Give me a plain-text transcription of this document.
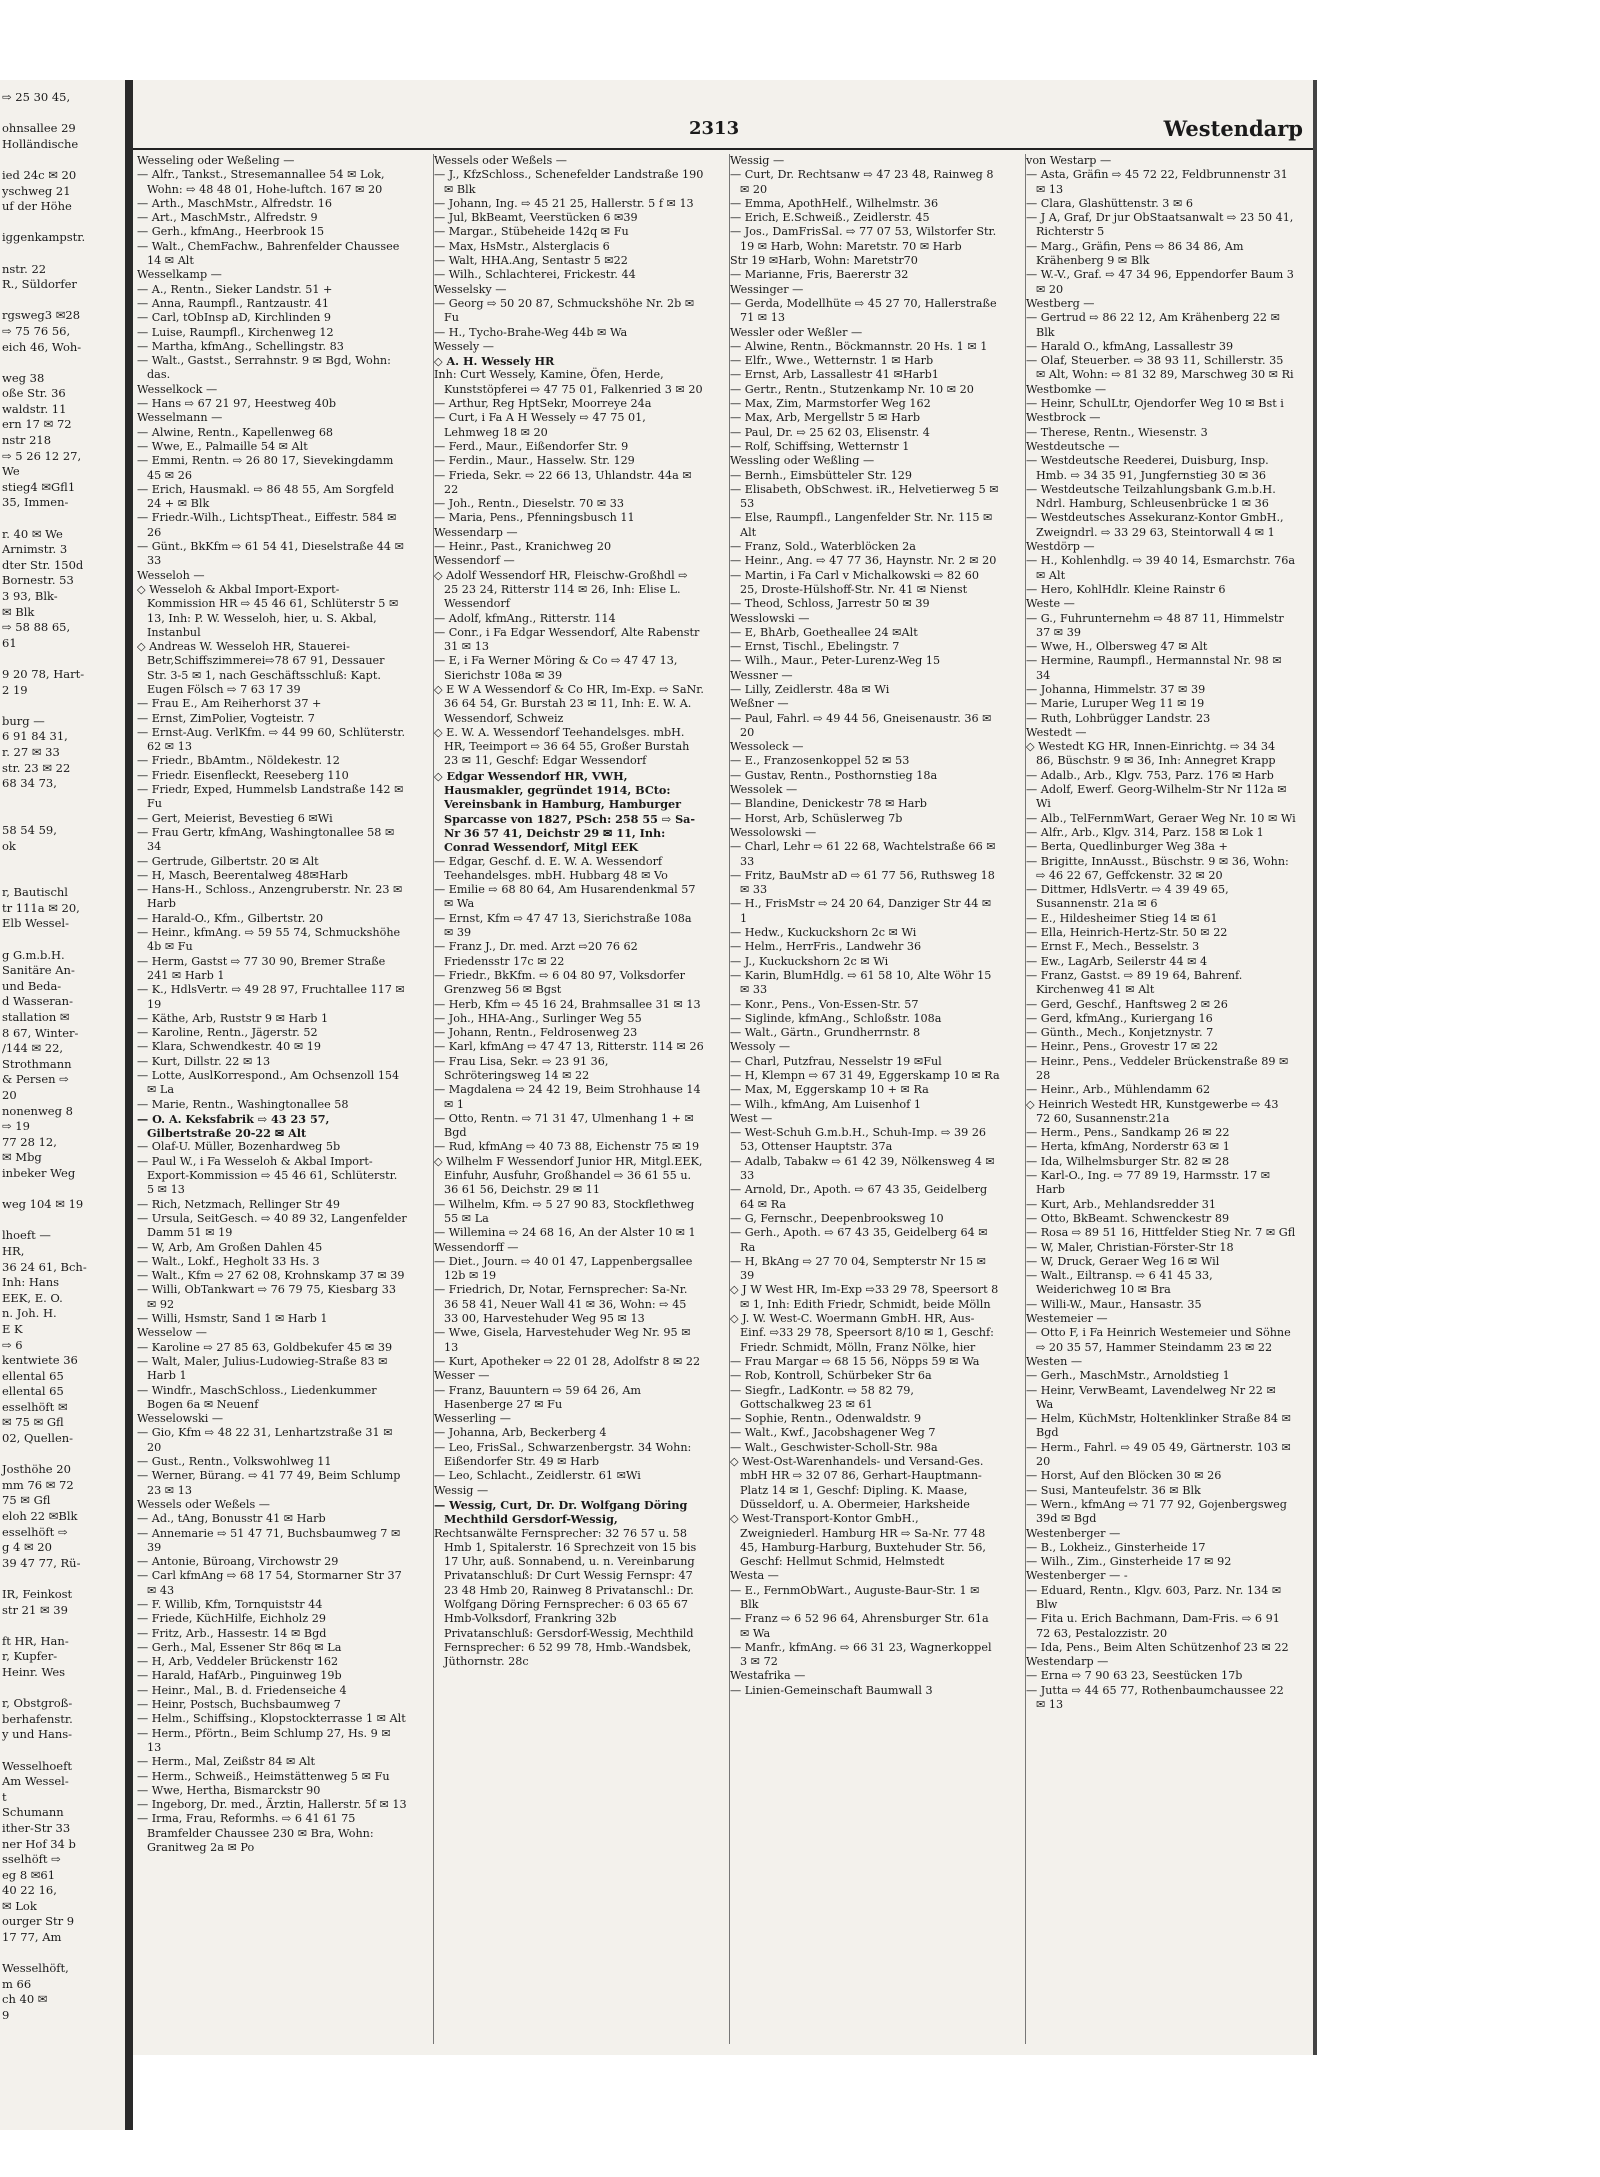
⇨ 25 30 45,

ohnsallee 29
Holländische

ied 24c ✉ 20
yschweg 21
uf der Höhe

iggenkampstr.

nstr. 22
R., Süldorfer

rgsweg3 ✉28
⇨ 75 76 56,
eich 46, Woh-

weg 38
oße Str. 36
waldstr. 11
ern 17 ✉ 72
nstr 218
⇨ 5 26 12 27,
We
stieg4 ✉Gfl1
35, Immen-

r. 40 ✉ We
Arnimstr. 3
dter Str. 150d
Bornestr. 53
3 93, Blk-
✉ Blk
⇨ 58 88 65,
61

9 20 78, Hart-
2 19

burg —
6 91 84 31,
r. 27 ✉ 33
str. 23 ✉ 22
68 34 73,

58 54 59,
ok

r, Bautischl
tr 111a ✉ 20,
Elb Wessel-

g G.m.b.H.
Sanitäre An-
und Beda-
d Wasseran-
stallation ✉
8 67, Winter-
/144 ✉ 22,
Strothmann
& Persen ⇨
20
nonenweg 8
⇨ 19
77 28 12,
✉ Mbg
inbeker Weg

weg 104 ✉ 19

lhoeft —
HR,
36 24 61, Bch-
Inh: Hans
EEK, E. O.
n. Joh. H.
E K
⇨ 6
kentwiete 36
ellental 65
ellental 65
esselhöft ✉
✉ 75 ✉ Gfl
02, Quellen-

Josthöhe 20
mm 76 ✉ 72
75 ✉ Gfl
eloh 22 ✉Blk
esselhöft ⇨
g 4 ✉ 20
39 47 77, Rü-

IR, Feinkost
str 21 ✉ 39

ft HR, Han-
r, Kupfer-
Heinr. Wes

r, Obstgroß-
berhafenstr.
y und Hans-

Wesselhoeft
Am Wessel-
t
Schumann
ither-Str 33
ner Hof 34 b
sselhöft ⇨
eg 8 ✉61
40 22 16,
✉ Lok
ourger Str 9
17 77, Am

Wesselhöft,
m 66
ch 40 ✉
9
2313	Westendarp
Wesseling oder Weßeling —
— Alfr., Tankst., Stresemannallee 54 ✉ Lok, Wohn: ⇨ 48 48 01, Hohe-luftch. 167 ✉ 20
— Arth., MaschMstr., Alfredstr. 16
— Art., MaschMstr., Alfredstr. 9
— Gerh., kfmAng., Heerbrook 15
— Walt., ChemFachw., Bahrenfelder Chaussee 14 ✉ Alt
Wesselkamp —
— A., Rentn., Sieker Landstr. 51 +
— Anna, Raumpfl., Rantzaustr. 41
— Carl, tObInsp aD, Kirchlinden 9
— Luise, Raumpfl., Kirchenweg 12
— Martha, kfmAng., Schellingstr. 83
— Walt., Gastst., Serrahnstr. 9 ✉ Bgd, Wohn: das.
Wesselkock —
— Hans ⇨ 67 21 97, Heestweg 40b
Wesselmann —
— Alwine, Rentn., Kapellenweg 68
— Wwe, E., Palmaille 54 ✉ Alt
— Emmi, Rentn. ⇨ 26 80 17, Sievekingdamm 45 ✉ 26
— Erich, Hausmakl. ⇨ 86 48 55, Am Sorgfeld 24 + ✉ Blk
— Friedr.-Wilh., LichtspTheat., Eiffestr. 584 ✉ 26
— Günt., BkKfm ⇨ 61 54 41, Dieselstraße 44 ✉ 33
Wesseloh —
◇ Wesseloh & Akbal Import-Export-Kommission HR ⇨ 45 46 61, Schlüterstr 5 ✉ 13, Inh: P. W. Wesseloh, hier, u. S. Akbal, Instanbul
◇ Andreas W. Wesseloh HR, Stauerei-Betr,Schiffszimmerei⇨78 67 91, Dessauer Str. 3-5 ✉ 1, nach Geschäftsschluß: Kapt. Eugen Fölsch ⇨ 7 63 17 39
— Frau E., Am Reiherhorst 37 +
— Ernst, ZimPolier, Vogteistr. 7
— Ernst-Aug. VerlKfm. ⇨ 44 99 60, Schlüterstr. 62 ✉ 13
— Friedr., BbAmtm., Nöldekestr. 12
— Friedr. Eisenfleckt, Reeseberg 110
— Friedr, Exped, Hummelsb Landstraße 142 ✉ Fu
— Gert, Meierist, Bevestieg 6 ✉Wi
— Frau Gertr, kfmAng, Washingtonallee 58 ✉ 34
— Gertrude, Gilbertstr. 20 ✉ Alt
— H, Masch, Beerentalweg 48✉Harb
— Hans-H., Schloss., Anzengruberstr. Nr. 23 ✉ Harb
— Harald-O., Kfm., Gilbertstr. 20
— Heinr., kfmAng. ⇨ 59 55 74, Schmuckshöhe 4b ✉ Fu
— Herm, Gastst ⇨ 77 30 90, Bremer Straße 241 ✉ Harb 1
— K., HdlsVertr. ⇨ 49 28 97, Fruchtallee 117 ✉ 19
— Käthe, Arb, Ruststr 9 ✉ Harb 1
— Karoline, Rentn., Jägerstr. 52
— Klara, Schwendkestr. 40 ✉ 19
— Kurt, Dillstr. 22 ✉ 13
— Lotte, AuslKorrespond., Am Ochsenzoll 154 ✉ La
— Marie, Rentn., Washingtonallee 58
— O. A. Keksfabrik ⇨ 43 23 57, Gilbertstraße 20-22 ✉ Alt
— Olaf-U. Müller, Bozenhardweg 5b
— Paul W., i Fa Wesseloh & Akbal Import-Export-Kommission ⇨ 45 46 61, Schlüterstr. 5 ✉ 13
— Rich, Netzmach, Rellinger Str 49
— Ursula, SeitGesch. ⇨ 40 89 32, Langenfelder Damm 51 ✉ 19
— W, Arb, Am Großen Dahlen 45
— Walt., Lokf., Hegholt 33 Hs. 3
— Walt., Kfm ⇨ 27 62 08, Krohnskamp 37 ✉ 39
— Willi, ObTankwart ⇨ 76 79 75, Kiesbarg 33 ✉ 92
— Willi, Hsmstr, Sand 1 ✉ Harb 1
Wesselow —
— Karoline ⇨ 27 85 63, Goldbekufer 45 ✉ 39
— Walt, Maler, Julius-Ludowieg-Straße 83 ✉ Harb 1
— Windfr., MaschSchloss., Liedenkummer Bogen 6a ✉ Neuenf
Wesselowski —
— Gio, Kfm ⇨ 48 22 31, Lenhartzstraße 31 ✉ 20
— Gust., Rentn., Volkswohlweg 11
— Werner, Bürang. ⇨ 41 77 49, Beim Schlump 23 ✉ 13
Wessels oder Weßels —
— Ad., tAng, Bonusstr 41 ✉ Harb
— Annemarie ⇨ 51 47 71, Buchsbaumweg 7 ✉ 39
— Antonie, Büroang, Virchowstr 29
— Carl kfmAng ⇨ 68 17 54, Stormarner Str 37 ✉ 43
— F. Willib, Kfm, Tornquiststr 44
— Friede, KüchHilfe, Eichholz 29
— Fritz, Arb., Hassestr. 14 ✉ Bgd
— Gerh., Mal, Essener Str 86q ✉ La
— H, Arb, Veddeler Brückenstr 162
— Harald, HafArb., Pinguinweg 19b
— Heinr., Mal., B. d. Friedenseiche 4
— Heinr, Postsch, Buchsbaumweg 7
— Helm., Schiffsing., Klopstockterrasse 1 ✉ Alt
— Herm., Pförtn., Beim Schlump 27, Hs. 9 ✉ 13
— Herm., Mal, Zeißstr 84 ✉ Alt
— Herm., Schweiß., Heimstättenweg 5 ✉ Fu
— Wwe, Hertha, Bismarckstr 90
— Ingeborg, Dr. med., Ärztin, Hallerstr. 5f ✉ 13
— Irma, Frau, Reformhs. ⇨ 6 41 61 75 Bramfelder Chaussee 230 ✉ Bra, Wohn: Granitweg 2a ✉ Po
Wessels oder Weßels —
— J., KfzSchloss., Schenefelder Landstraße 190 ✉ Blk
— Johann, Ing. ⇨ 45 21 25, Hallerstr. 5 f ✉ 13
— Jul, BkBeamt, Veerstücken 6 ✉39
— Margar., Stübeheide 142q ✉ Fu
— Max, HsMstr., Alsterglacis 6
— Walt, HHA.Ang, Sentastr 5 ✉22
— Wilh., Schlachterei, Frickestr. 44
Wesselsky —
— Georg ⇨ 50 20 87, Schmuckshöhe Nr. 2b ✉ Fu
— H., Tycho-Brahe-Weg 44b ✉ Wa
Wessely —
◇ A. H. Wessely HR
Inh: Curt Wessely, Kamine, Öfen, Herde, Kunststöpferei ⇨ 47 75 01, Falkenried 3 ✉ 20
— Arthur, Reg HptSekr, Moorreye 24a
— Curt, i Fa A H Wessely ⇨ 47 75 01, Lehmweg 18 ✉ 20
— Ferd., Maur., Eißendorfer Str. 9
— Ferdin., Maur., Hasselw. Str. 129
— Frieda, Sekr. ⇨ 22 66 13, Uhlandstr. 44a ✉ 22
— Joh., Rentn., Dieselstr. 70 ✉ 33
— Maria, Pens., Pfenningsbusch 11
Wessendarp —
— Heinr., Past., Kranichweg 20
Wessendorf —
◇ Adolf Wessendorf HR, Fleischw-Großhdl ⇨ 25 23 24, Ritterstr 114 ✉ 26, Inh: Elise L. Wessendorf
— Adolf, kfmAng., Ritterstr. 114
— Conr., i Fa Edgar Wessendorf, Alte Rabenstr 31 ✉ 13
— E, i Fa Werner Möring & Co ⇨ 47 47 13, Sierichstr 108a ✉ 39
◇ E W A Wessendorf & Co HR, Im-Exp. ⇨ SaNr. 36 64 54, Gr. Burstah 23 ✉ 11, Inh: E. W. A. Wessendorf, Schweiz
◇ E. W. A. Wessendorf Teehandelsges. mbH. HR, Teeimport ⇨ 36 64 55, Großer Burstah 23 ✉ 11, Geschf: Edgar Wessendorf
◇ Edgar Wessendorf HR, VWH, Hausmakler, gegründet 1914, BCto: Vereinsbank in Hamburg, Hamburger Sparcasse von 1827, PSch: 258 55 ⇨ Sa-Nr 36 57 41, Deichstr 29 ✉ 11, Inh: Conrad Wessendorf, Mitgl EEK
— Edgar, Geschf. d. E. W. A. Wessendorf Teehandelsges. mbH. Hubbarg 48 ✉ Vo
— Emilie ⇨ 68 80 64, Am Husarendenkmal 57 ✉ Wa
— Ernst, Kfm ⇨ 47 47 13, Sierichstraße 108a ✉ 39
— Franz J., Dr. med. Arzt ⇨20 76 62 Friedensstr 17c ✉ 22
— Friedr., BkKfm. ⇨ 6 04 80 97, Volksdorfer Grenzweg 56 ✉ Bgst
— Herb, Kfm ⇨ 45 16 24, Brahmsallee 31 ✉ 13
— Joh., HHA-Ang., Surlinger Weg 55
— Johann, Rentn., Feldrosenweg 23
— Karl, kfmAng ⇨ 47 47 13, Ritterstr. 114 ✉ 26
— Frau Lisa, Sekr. ⇨ 23 91 36, Schröteringsweg 14 ✉ 22
— Magdalena ⇨ 24 42 19, Beim Strohhause 14 ✉ 1
— Otto, Rentn. ⇨ 71 31 47, Ulmenhang 1 + ✉ Bgd
— Rud, kfmAng ⇨ 40 73 88, Eichenstr 75 ✉ 19
◇ Wilhelm F Wessendorf Junior HR, Mitgl.EEK, Einfuhr, Ausfuhr, Großhandel ⇨ 36 61 55 u. 36 61 56, Deichstr. 29 ✉ 11
— Wilhelm, Kfm. ⇨ 5 27 90 83, Stockflethweg 55 ✉ La
— Willemina ⇨ 24 68 16, An der Alster 10 ✉ 1
Wessendorff —
— Diet., Journ. ⇨ 40 01 47, Lappenbergsallee 12b ✉ 19
— Friedrich, Dr, Notar, Fernsprecher: Sa-Nr. 36 58 41, Neuer Wall 41 ✉ 36, Wohn: ⇨ 45 33 00, Harvestehuder Weg 95 ✉ 13
— Wwe, Gisela, Harvestehuder Weg Nr. 95 ✉ 13
— Kurt, Apotheker ⇨ 22 01 28, Adolfstr 8 ✉ 22
Wesser —
— Franz, Bauuntern ⇨ 59 64 26, Am Hasenberge 27 ✉ Fu
Wesserling —
— Johanna, Arb, Beckerberg 4
— Leo, FrisSal., Schwarzenbergstr. 34 Wohn: Eißendorfer Str. 49 ✉ Harb
— Leo, Schlacht., Zeidlerstr. 61 ✉Wi
Wessig —
— Wessig, Curt, Dr. Dr. Wolfgang Döring Mechthild Gersdorf-Wessig,
Rechtsanwälte Fernsprecher: 32 76 57 u. 58 Hmb 1, Spitalerstr. 16 Sprechzeit von 15 bis 17 Uhr, auß. Sonnabend, u. n. Vereinbarung Privatanschluß: Dr Curt Wessig Fernspr: 47 23 48 Hmb 20, Rainweg 8 Privatanschl.: Dr. Wolfgang Döring Fernsprecher: 6 03 65 67 Hmb-Volksdorf, Frankring 32b Privatanschluß: Gersdorf-Wessig, Mechthild Fernsprecher: 6 52 99 78, Hmb.-Wandsbek, Jüthornstr. 28c
Wessig —
— Curt, Dr. Rechtsanw ⇨ 47 23 48, Rainweg 8 ✉ 20
— Emma, ApothHelf., Wilhelmstr. 36
— Erich, E.Schweiß., Zeidlerstr. 45
— Jos., DamFrisSal. ⇨ 77 07 53, Wilstorfer Str. 19 ✉ Harb, Wohn: Maretstr. 70 ✉ Harb
Str 19 ✉Harb, Wohn: Maretstr70
— Marianne, Fris, Baererstr 32
Wessinger —
— Gerda, Modellhüte ⇨ 45 27 70, Hallerstraße 71 ✉ 13
Wessler oder Weßler —
— Alwine, Rentn., Böckmannstr. 20 Hs. 1 ✉ 1
— Elfr., Wwe., Wetternstr. 1 ✉ Harb
— Ernst, Arb, Lassallestr 41 ✉Harb1
— Gertr., Rentn., Stutzenkamp Nr. 10 ✉ 20
— Max, Zim, Marmstorfer Weg 162
— Max, Arb, Mergellstr 5 ✉ Harb
— Paul, Dr. ⇨ 25 62 03, Elisenstr. 4
— Rolf, Schiffsing, Wetternstr 1
Wessling oder Weßling —
— Bernh., Eimsbütteler Str. 129
— Elisabeth, ObSchwest. iR., Helvetierweg 5 ✉ 53
— Else, Raumpfl., Langenfelder Str. Nr. 115 ✉ Alt
— Franz, Sold., Waterblöcken 2a
— Heinr., Ang. ⇨ 47 77 36, Haynstr. Nr. 2 ✉ 20
— Martin, i Fa Carl v Michalkowski ⇨ 82 60 25, Droste-Hülshoff-Str. Nr. 41 ✉ Nienst
— Theod, Schloss, Jarrestr 50 ✉ 39
Wesslowski —
— E, BhArb, Goetheallee 24 ✉Alt
— Ernst, Tischl., Ebelingstr. 7
— Wilh., Maur., Peter-Lurenz-Weg 15
Wessner —
— Lilly, Zeidlerstr. 48a ✉ Wi
Weßner —
— Paul, Fahrl. ⇨ 49 44 56, Gneisenaustr. 36 ✉ 20
Wessoleck —
— E., Franzosenkoppel 52 ✉ 53
— Gustav, Rentn., Posthornstieg 18a
Wessolek —
— Blandine, Denickestr 78 ✉ Harb
— Horst, Arb, Schüslerweg 7b
Wessolowski —
— Charl, Lehr ⇨ 61 22 68, Wachtelstraße 66 ✉ 33
— Fritz, BauMstr aD ⇨ 61 77 56, Ruthsweg 18 ✉ 33
— H., FrisMstr ⇨ 24 20 64, Danziger Str 44 ✉ 1
— Hedw., Kuckuckshorn 2c ✉ Wi
— Helm., HerrFris., Landwehr 36
— J., Kuckuckshorn 2c ✉ Wi
— Karin, BlumHdlg. ⇨ 61 58 10, Alte Wöhr 15 ✉ 33
— Konr., Pens., Von-Essen-Str. 57
— Siglinde, kfmAng., Schloßstr. 108a
— Walt., Gärtn., Grundherrnstr. 8
Wessoly —
— Charl, Putzfrau, Nesselstr 19 ✉Ful
— H, Klempn ⇨ 67 31 49, Eggerskamp 10 ✉ Ra
— Max, M, Eggerskamp 10 + ✉ Ra
— Wilh., kfmAng, Am Luisenhof 1
West —
— West-Schuh G.m.b.H., Schuh-Imp. ⇨ 39 26 53, Ottenser Hauptstr. 37a
— Adalb, Tabakw ⇨ 61 42 39, Nölkensweg 4 ✉ 33
— Arnold, Dr., Apoth. ⇨ 67 43 35, Geidelberg 64 ✉ Ra
— G, Fernschr., Deepenbrooksweg 10
— Gerh., Apoth. ⇨ 67 43 35, Geidelberg 64 ✉ Ra
— H, BkAng ⇨ 27 70 04, Sempterstr Nr 15 ✉ 39
◇ J W West HR, Im-Exp ⇨33 29 78, Speersort 8 ✉ 1, Inh: Edith Friedr, Schmidt, beide Mölln
◇ J. W. West-C. Woermann GmbH. HR, Aus- Einf. ⇨33 29 78, Speersort 8/10 ✉ 1, Geschf: Friedr. Schmidt, Mölln, Franz Nölke, hier
— Frau Margar ⇨ 68 15 56, Nöpps 59 ✉ Wa
— Rob, Kontroll, Schürbeker Str 6a
— Siegfr., LadKontr. ⇨ 58 82 79, Gottschalkweg 23 ✉ 61
— Sophie, Rentn., Odenwaldstr. 9
— Walt., Kwf., Jacobshagener Weg 7
— Walt., Geschwister-Scholl-Str. 98a
◇ West-Ost-Warenhandels- und Versand-Ges. mbH HR ⇨ 32 07 86, Gerhart-Hauptmann-Platz 14 ✉ 1, Geschf: Dipling. K. Maase, Düsseldorf, u. A. Obermeier, Harksheide
◇ West-Transport-Kontor GmbH., Zweigniederl. Hamburg HR ⇨ Sa-Nr. 77 48 45, Hamburg-Harburg, Buxtehuder Str. 56, Geschf: Hellmut Schmid, Helmstedt
Westa —
— E., FernmObWart., Auguste-Baur-Str. 1 ✉ Blk
— Franz ⇨ 6 52 96 64, Ahrensburger Str. 61a ✉ Wa
— Manfr., kfmAng. ⇨ 66 31 23, Wagnerkoppel 3 ✉ 72
Westafrika —
— Linien-Gemeinschaft Baumwall 3
von Westarp —
— Asta, Gräfin ⇨ 45 72 22, Feldbrunnenstr 31 ✉ 13
— Clara, Glashüttenstr. 3 ✉ 6
— J A, Graf, Dr jur ObStaatsanwalt ⇨ 23 50 41, Richterstr 5
— Marg., Gräfin, Pens ⇨ 86 34 86, Am Krähenberg 9 ✉ Blk
— W.-V., Graf. ⇨ 47 34 96, Eppendorfer Baum 3 ✉ 20
Westberg —
— Gertrud ⇨ 86 22 12, Am Krähenberg 22 ✉ Blk
— Harald O., kfmAng, Lassallestr 39
— Olaf, Steuerber. ⇨ 38 93 11, Schillerstr. 35 ✉ Alt, Wohn: ⇨ 81 32 89, Marschweg 30 ✉ Ri
Westbomke —
— Heinr, SchulLtr, Ojendorfer Weg 10 ✉ Bst i
Westbrock —
— Therese, Rentn., Wiesenstr. 3
Westdeutsche —
— Westdeutsche Reederei, Duisburg, Insp. Hmb. ⇨ 34 35 91, Jungfernstieg 30 ✉ 36
— Westdeutsche Teilzahlungsbank G.m.b.H. Ndrl. Hamburg, Schleusenbrücke 1 ✉ 36
— Westdeutsches Assekuranz-Kontor GmbH., Zweigndrl. ⇨ 33 29 63, Steintorwall 4 ✉ 1
Westdörp —
— H., Kohlenhdlg. ⇨ 39 40 14, Esmarchstr. 76a ✉ Alt
— Hero, KohlHdlr. Kleine Rainstr 6
Weste —
— G., Fuhrunternehm ⇨ 48 87 11, Himmelstr 37 ✉ 39
— Wwe, H., Olbersweg 47 ✉ Alt
— Hermine, Raumpfl., Hermannstal Nr. 98 ✉ 34
— Johanna, Himmelstr. 37 ✉ 39
— Marie, Luruper Weg 11 ✉ 19
— Ruth, Lohbrügger Landstr. 23
Westedt —
◇ Westedt KG HR, Innen-Einrichtg. ⇨ 34 34 86, Büschstr. 9 ✉ 36, Inh: Annegret Krapp
— Adalb., Arb., Klgv. 753, Parz. 176 ✉ Harb
— Adolf, Ewerf. Georg-Wilhelm-Str Nr 112a ✉ Wi
— Alb., TelFernmWart, Geraer Weg Nr. 10 ✉ Wi
— Alfr., Arb., Klgv. 314, Parz. 158 ✉ Lok 1
— Berta, Quedlinburger Weg 38a +
— Brigitte, InnAusst., Büschstr. 9 ✉ 36, Wohn: ⇨ 46 22 67, Geffckenstr. 32 ✉ 20
— Dittmer, HdlsVertr. ⇨ 4 39 49 65, Susannenstr. 21a ✉ 6
— E., Hildesheimer Stieg 14 ✉ 61
— Ella, Heinrich-Hertz-Str. 50 ✉ 22
— Ernst F., Mech., Besselstr. 3
— Ew., LagArb, Seilerstr 44 ✉ 4
— Franz, Gastst. ⇨ 89 19 64, Bahrenf. Kirchenweg 41 ✉ Alt
— Gerd, Geschf., Hanftsweg 2 ✉ 26
— Gerd, kfmAng., Kuriergang 16
— Günth., Mech., Konjetznystr. 7
— Heinr., Pens., Grovestr 17 ✉ 22
— Heinr., Pens., Veddeler Brückenstraße 89 ✉ 28
— Heinr., Arb., Mühlendamm 62
◇ Heinrich Westedt HR, Kunstgewerbe ⇨ 43 72 60, Susannenstr.21a
— Herm., Pens., Sandkamp 26 ✉ 22
— Herta, kfmAng, Norderstr 63 ✉ 1
— Ida, Wilhelmsburger Str. 82 ✉ 28
— Karl-O., Ing. ⇨ 77 89 19, Harmsstr. 17 ✉ Harb
— Kurt, Arb., Mehlandsredder 31
— Otto, BkBeamt. Schwenckestr 89
— Rosa ⇨ 89 51 16, Hittfelder Stieg Nr. 7 ✉ Gfl
— W, Maler, Christian-Förster-Str 18
— W, Druck, Geraer Weg 16 ✉ Wil
— Walt., Eiltransp. ⇨ 6 41 45 33, Weiderichweg 10 ✉ Bra
— Willi-W., Maur., Hansastr. 35
Westemeier —
— Otto F, i Fa Heinrich Westemeier und Söhne ⇨ 20 35 57, Hammer Steindamm 23 ✉ 22
Westen —
— Gerh., MaschMstr., Arnoldstieg 1
— Heinr, VerwBeamt, Lavendelweg Nr 22 ✉ Wa
— Helm, KüchMstr, Holtenklinker Straße 84 ✉ Bgd
— Herm., Fahrl. ⇨ 49 05 49, Gärtnerstr. 103 ✉ 20
— Horst, Auf den Blöcken 30 ✉ 26
— Susi, Manteufelstr. 36 ✉ Blk
— Wern., kfmAng ⇨ 71 77 92, Gojenbergsweg 39d ✉ Bgd
Westenberger —
— B., Lokheiz., Ginsterheide 17
— Wilh., Zim., Ginsterheide 17 ✉ 92
Westenberger — -
— Eduard, Rentn., Klgv. 603, Parz. Nr. 134 ✉ Blw
— Fita u. Erich Bachmann, Dam-Fris. ⇨ 6 91 72 63, Pestalozzistr. 20
— Ida, Pens., Beim Alten Schützenhof 23 ✉ 22
Westendarp —
— Erna ⇨ 7 90 63 23, Seestücken 17b
— Jutta ⇨ 44 65 77, Rothenbaumchaussee 22 ✉ 13
